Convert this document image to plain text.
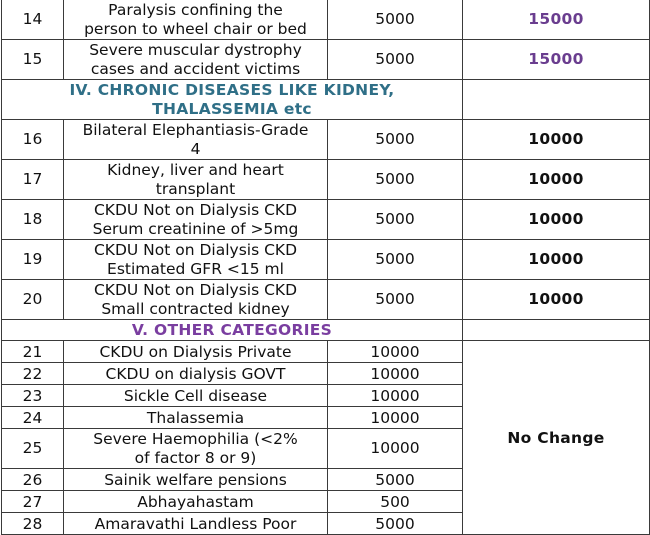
14	Paralysis confining the
person to wheel chair or bed	5000	15000
15	Severe muscular dystrophy
cases and accident victims	5000	15000

IV. CHRONIC DISEASES LIKE KIDNEY,
THALASSEMIA etc			

16	Bilateral Elephantiasis-Grade
4	5000	10000
17	Kidney, liver and heart
transplant	5000	10000
18	CKDU Not on Dialysis CKD
Serum creatinine of >5mg	5000	10000
19	CKDU Not on Dialysis CKD
Estimated GFR <15 ml	5000	10000
20	CKDU Not on Dialysis CKD
Small contracted kidney	5000	10000
V. OTHER CATEGORIES			
21	CKDU on Dialysis Private	10000	No Change
22	CKDU on dialysis GOVT	10000	
23	Sickle Cell disease	10000	
24	Thalassemia	10000	
25	Severe Haemophilia (<2%
of factor 8 or 9)	10000	
26	Sainik welfare pensions	5000	
27	Abhayahastam	500	
28	Amaravathi Landless Poor	5000	
